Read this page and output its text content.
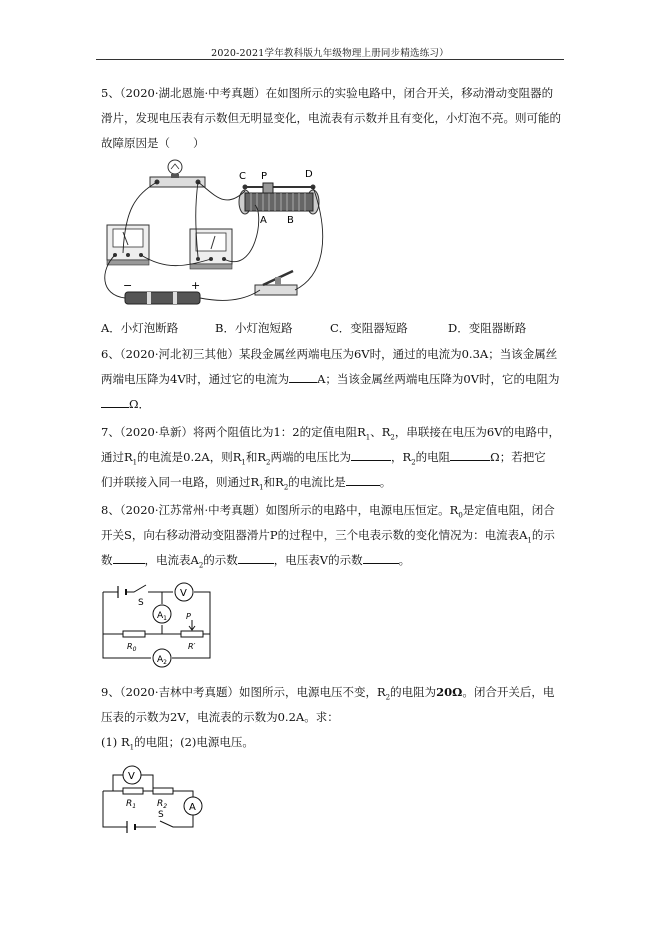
2020-2021学年教科版九年级物理上册同步精选练习）

5、（2020·湖北恩施·中考真题）在如图所示的实验电路中，闭合开关，移动滑动变阻器的

滑片，发现电压表有示数但无明显变化，电流表有示数并且有变化，小灯泡不亮。则可能的

故障原因是（　　）

C P	D
A B
−	+
A．小灯泡断路	B．小灯泡短路	C．变阻器短路	D．变阻器断路

6、（2020·河北初三其他）某段金属丝两端电压为6V时，通过的电流为0.3A；当该金属丝

两端电压降为4V时，通过它的电流为 A；当该金属丝两端电压降为0V时，它的电阻为

Ω．

7、（2020·阜新）将两个阻值比为1：2的定值电阻$R_1$、$R_2$，串联接在电压为6V的电路中，

通过$R_1$的电流是0.2A，则$R_1$和$R_2$两端的电压比为	，$R_2$的电阻	Ω；若把它

们并联接入同一电路，则通过$R_1$和$R_2$的电流比是	。

8、（2020·江苏常州·中考真题）如图所示的电路中，电源电压恒定。$R_0$是定值电阻，闭合

开关S，向右移动滑动变阻器滑片P的过程中，三个电表示数的变化情况为：电流表$A_1$的示

数	，电流表$A_2$的示数	，电压表V的示数	。

S
V
$A_1$
$R_0$
P
R′
$A_2$

9、（2020·吉林中考真题）如图所示，电源电压不变，$R_2$的电阻为20Ω。闭合开关后，电

压表的示数为2V，电流表的示数为0.2A。求：

(1) $R_1$的电阻；(2)电源电压。

V
$R_1$ $R_2$ A
S
